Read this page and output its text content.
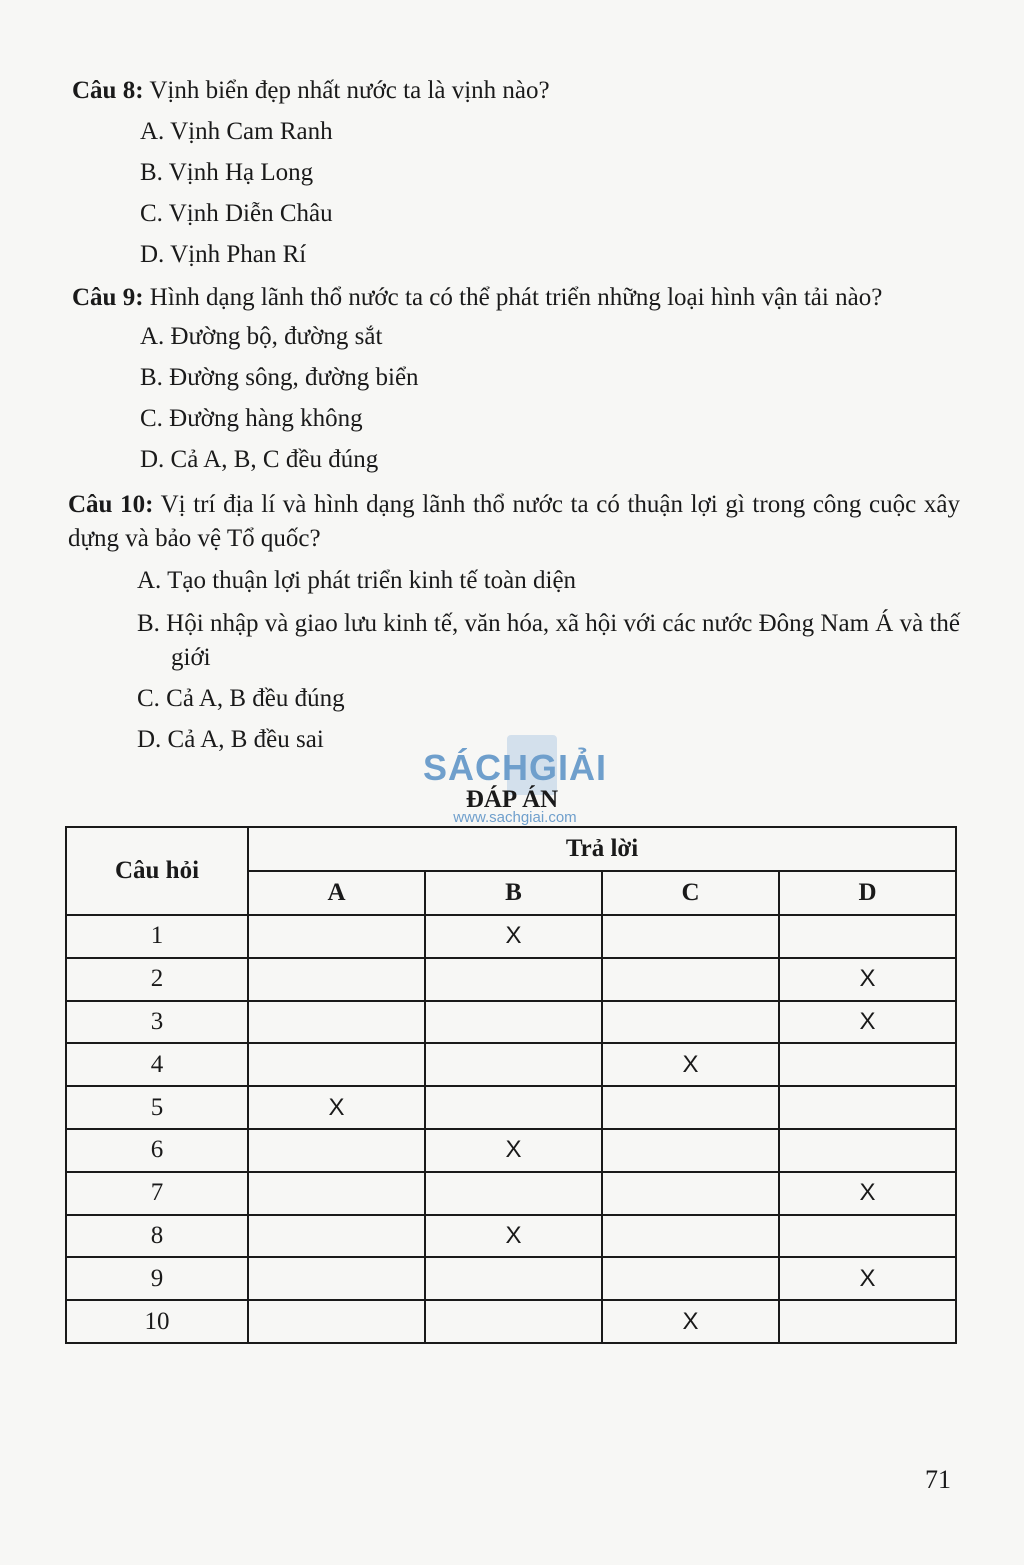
Câu 8: Vịnh biển đẹp nhất nước ta là vịnh nào?
A. Vịnh Cam Ranh
B. Vịnh Hạ Long
C. Vịnh Diễn Châu
D. Vịnh Phan Rí
Câu 9: Hình dạng lãnh thổ nước ta có thể phát triển những loại hình vận tải nào?
A. Đường bộ, đường sắt
B. Đường sông, đường biển
C. Đường hàng không
D. Cả A, B, C đều đúng
Câu 10: Vị trí địa lí và hình dạng lãnh thổ nước ta có thuận lợi gì trong công cuộc xây dựng và bảo vệ Tổ quốc?
A. Tạo thuận lợi phát triển kinh tế toàn diện
B. Hội nhập và giao lưu kinh tế, văn hóa, xã hội với các nước Đông Nam Á và thế giới
C. Cả A, B đều đúng
D. Cả A, B đều sai
SÁCHGIẢI
www.sachgiai.com
ĐÁP ÁN
Câu hỏi	Trả lời			
	A	B	C	D
1		X		
2				X
3				X
4			X	
5	X			
6		X		
7				X
8		X		
9				X
10			X	
71
